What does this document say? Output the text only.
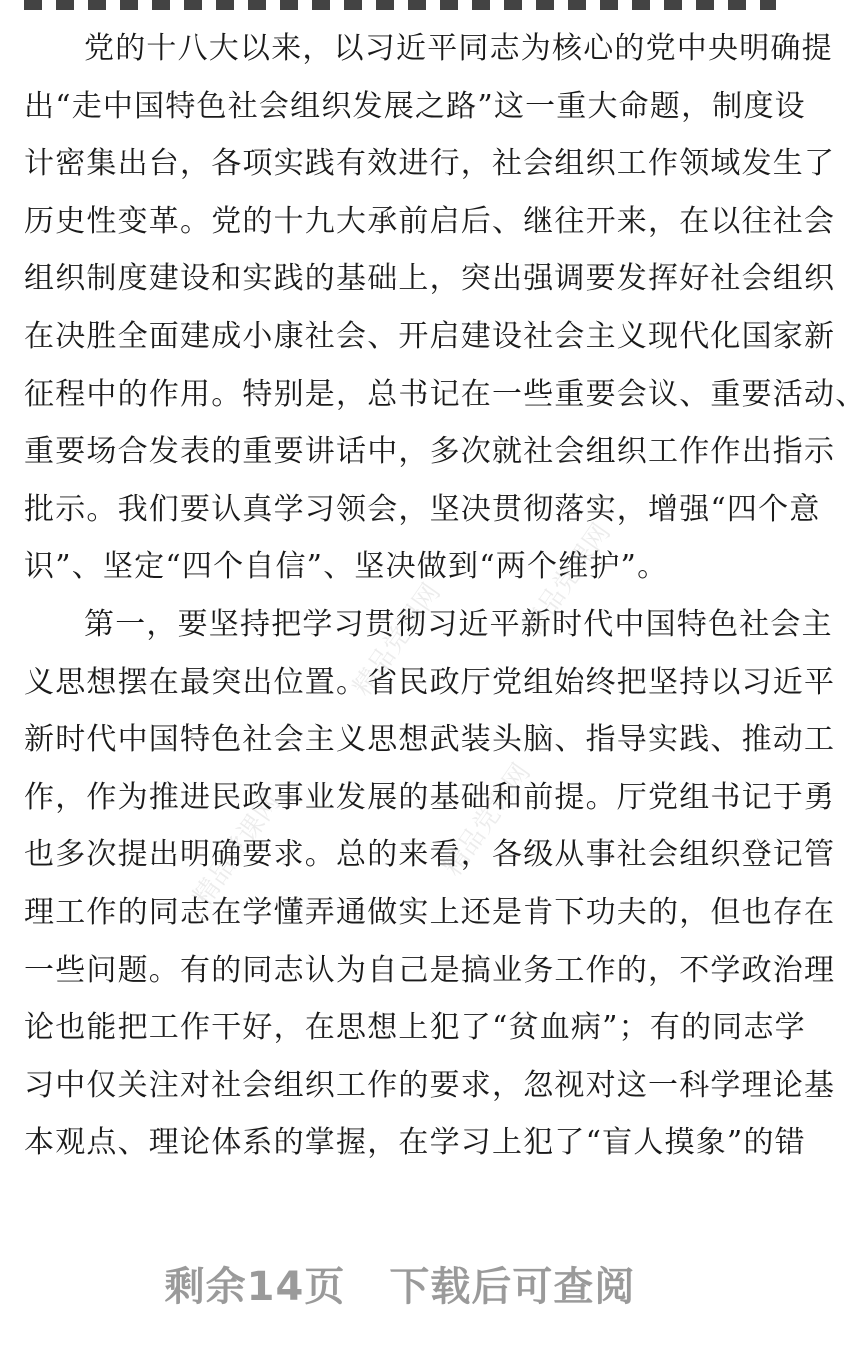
党的十八大以来，以习近平同志为核心的党中央明确提
出“走中国特色社会组织发展之路”这一重大命题，制度设
计密集出台，各项实践有效进行，社会组织工作领域发生了
历史性变革。党的十九大承前启后、继往开来，在以往社会
组织制度建设和实践的基础上，突出强调要发挥好社会组织
在决胜全面建成小康社会、开启建设社会主义现代化国家新
征程中的作用。特别是，总书记在一些重要会议、重要活动、
重要场合发表的重要讲话中，多次就社会组织工作作出指示
批示。我们要认真学习领会，坚决贯彻落实，增强“四个意
识”、坚定“四个自信”、坚决做到“两个维护”。
第一，要坚持把学习贯彻习近平新时代中国特色社会主
义思想摆在最突出位置。省民政厅党组始终把坚持以习近平
新时代中国特色社会主义思想武装头脑、指导实践、推动工
作，作为推进民政事业发展的基础和前提。厅党组书记于勇
也多次提出明确要求。总的来看，各级从事社会组织登记管
理工作的同志在学懂弄通做实上还是肯下功夫的，但也存在
一些问题。有的同志认为自己是搞业务工作的，不学政治理
论也能把工作干好，在思想上犯了“贫血病”；有的同志学
习中仅关注对社会组织工作的要求，忽视对这一科学理论基
本观点、理论体系的掌握，在学习上犯了“盲人摸象”的错
精品党课网
精品党课网
精品党课网
精品党课网
剩余14页 下载后可查阅
